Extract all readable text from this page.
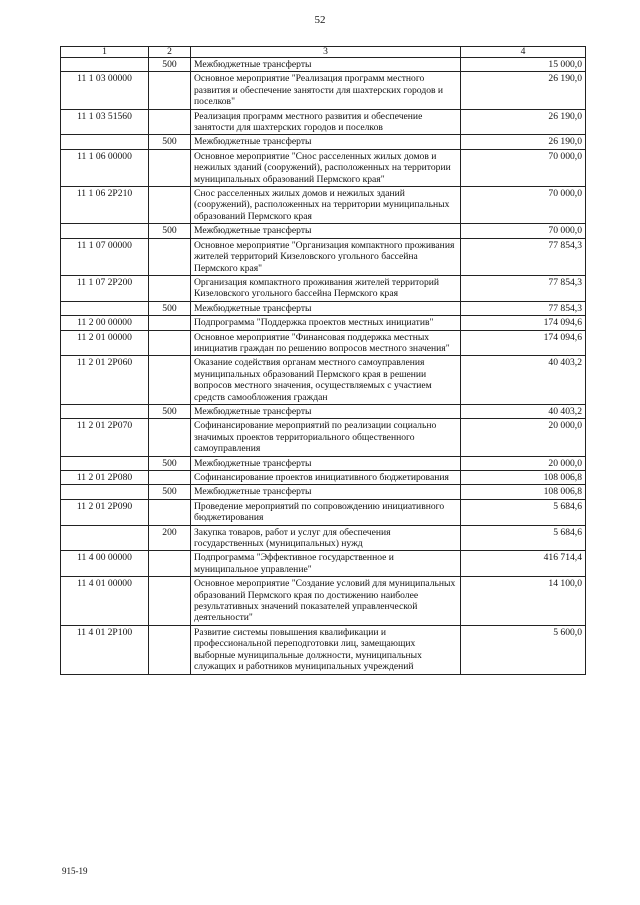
52
1	2	3	4
	500	Межбюджетные трансферты	15 000,0
11 1 03 00000		Основное мероприятие "Реализация программ местного развития и обеспечение занятости для шахтерских городов и поселков"	26 190,0
11 1 03 51560		Реализация программ местного развития и обеспечение занятости для шахтерских городов и поселков	26 190,0
	500	Межбюджетные трансферты	26 190,0
11 1 06 00000		Основное мероприятие "Снос расселенных жилых домов и нежилых зданий (сооружений), расположенных на территории муниципальных образований Пермского края"	70 000,0
11 1 06 2Р210		Снос расселенных жилых домов и нежилых зданий (сооружений), расположенных на территории муниципальных образований Пермского края	70 000,0
	500	Межбюджетные трансферты	70 000,0
11 1 07 00000		Основное мероприятие "Организация компактного проживания жителей территорий Кизеловского угольного бассейна Пермского края"	77 854,3
11 1 07 2Р200		Организация компактного проживания жителей территорий Кизеловского угольного бассейна Пермского края	77 854,3
	500	Межбюджетные трансферты	77 854,3
11 2 00 00000		Подпрограмма "Поддержка проектов местных инициатив"	174 094,6
11 2 01 00000		Основное мероприятие "Финансовая поддержка местных инициатив граждан по решению вопросов местного значения"	174 094,6
11 2 01 2Р060		Оказание содействия органам местного самоуправления муниципальных образований Пермского края в решении вопросов местного значения, осуществляемых с участием средств самообложения граждан	40 403,2
	500	Межбюджетные трансферты	40 403,2
11 2 01 2Р070		Софинансирование мероприятий по реализации социально значимых проектов территориального общественного самоуправления	20 000,0
	500	Межбюджетные трансферты	20 000,0
11 2 01 2Р080		Софинансирование проектов инициативного бюджетирования	108 006,8
	500	Межбюджетные трансферты	108 006,8
11 2 01 2Р090		Проведение мероприятий по сопровождению инициативного бюджетирования	5 684,6
	200	Закупка товаров, работ и услуг для обеспечения государственных (муниципальных) нужд	5 684,6
11 4 00 00000		Подпрограмма "Эффективное государственное и муниципальное управление"	416 714,4
11 4 01 00000		Основное мероприятие "Создание условий для муниципальных образований Пермского края по достижению наиболее результативных значений показателей управленческой деятельности"	14 100,0
11 4 01 2Р100		Развитие системы повышения квалификации и профессиональной переподготовки лиц, замещающих выборные муниципальные должности, муниципальных служащих и работников муниципальных учреждений	5 600,0
915-19
